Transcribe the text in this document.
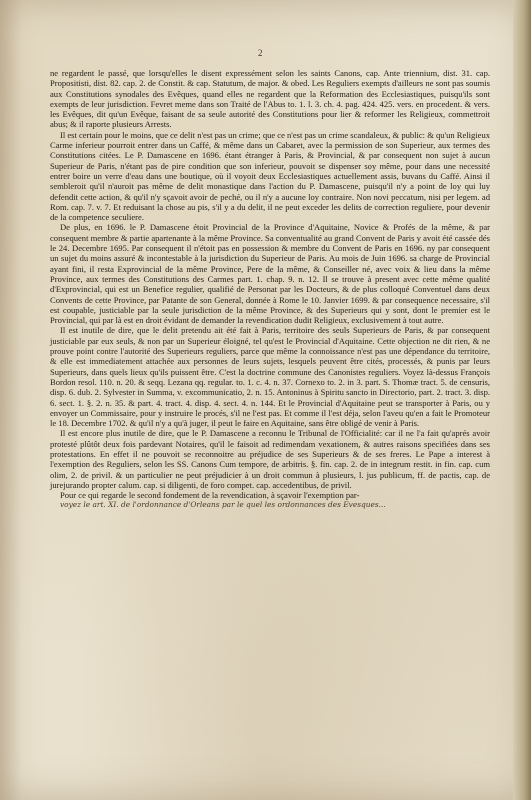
2

ne regardent le passé, que lorsqu'elles le disent expressément selon les saints Canons, cap. Ante triennium, dist. 31. cap. Propositisti, dist. 82. cap. 2. de Constit. & cap. Statutum, de major. & obed. Les Reguliers exempts d'ailleurs ne sont pas soumis aux Constitutions synodales des Evêques, quand elles ne regardent que la Reformation des Ecclesiastiques, puisqu'ils sont exempts de leur jurisdiction. Fevret meme dans son Traité de l'Abus to. 1. l. 3. ch. 4. pag. 424. 425. vers. en procedent. & vers. les Evêques, dit qu'un Evêque, faisant de sa seule autorité des Constitutions pour lier & reformer les Religieux, commettroit abus; & il raporte plusieurs Arrests.

Il est certain pour le moins, que ce delit n'est pas un crime; que ce n'est pas un crime scandaleux, & public: & qu'un Religieux Carme inferieur pourroit entrer dans un Caffé, & même dans un Cabaret, avec la permission de son Superieur, aux termes des Constitutions citées. Le P. Damascene en 1696. étant étranger à Paris, & Provincial, & par consequent non sujet à aucun Superieur de Paris, n'étant pas de pire condition que son inferieur, pouvoit se dispenser soy même, pour dans une necessité entrer boire un verre d'eau dans une boutique, où il voyoit deux Ecclesiastiques actuellement assis, buvans du Caffé. Ainsi il sembleroit qu'il n'auroit pas même de delit monastique dans l'action du P. Damascene, puisqu'il n'y a point de loy qui luy defendit cette action, & qu'il n'y sçavoit avoir de peché, ou il n'y a aucune loy contraire. Non novi peccatum, nisi per legem. ad Rom. cap. 7. v. 7. Et reduisant la chose au pis, s'il y a du delit, il ne peut exceder les delits de correction reguliere, pour devenir de la competence seculiere.

De plus, en 1696. le P. Damascene étoit Provincial de la Province d'Aquitaine, Novice & Profés de la même, & par consequent membre & partie apartenante à la même Province. Sa conventualité au grand Convent de Paris y avoit été cassée dés le 24. Decembre 1695. Par consequent il n'étoit pas en possession & membre du Convent de Paris en 1696. ny par consequent un sujet du moins assuré & incontestable à la jurisdiction du Superieur de Paris. Au mois de Juin 1696. sa charge de Provincial ayant fini, il resta Exprovincial de la même Province, Pere de la même, & Conseiller né, avec voix & lieu dans la même Province, aux termes des Constitutions des Carmes part. 1. chap. 9. n. 12. Il se trouve à present avec cette même qualité d'Exprovincial, qui est un Benefice regulier, qualifié de Personat par les Docteurs, & de plus colloqué Conventuel dans deux Convents de cette Province, par Patante de son General, donnée à Rome le 10. Janvier 1699. & par consequence necessaire, s'il est coupable, justiciable par la seule jurisdiction de la même Province, & des Superieurs qui y sont, dont le premier est le Provincial, qui par là est en droit évidant de demander la revendication dudit Religieux, exclusivement à tout autre.

Il est inutile de dire, que le delit pretendu ait été fait à Paris, territoire des seuls Superieurs de Paris, & par consequent justiciable par eux seuls, & non par un Superieur éloigné, tel qu'est le Provincial d'Aquitaine. Cette objection ne dit rien, & ne prouve point contre l'autorité des Superieurs reguliers, parce que même la connoissance n'est pas une dépendance du territoire, & elle est immediatement attachée aux personnes de leurs sujets, lesquels peuvent être cités, processés, & punis par leurs Superieurs, dans quels lieux qu'ils puissent être. C'est la doctrine commune des Canonistes reguliers. Voyez là-dessus François Bordon resol. 110. n. 20. & seqq. Lezana qq. regular. to. 1. c. 4. n. 37. Cornexo to. 2. in 3. part. S. Thomæ tract. 5. de censuris, disp. 6. dub. 2. Sylvester in Summa, v. excommunicatio, 2. n. 15. Antoninus à Spiritu sancto in Directorio, part. 2. tract. 3. disp. 6. sect. 1. §. 2. n. 35. & part. 4. tract. 4. disp. 4. sect. 4. n. 144. Et le Provincial d'Aquitaine peut se transporter à Paris, ou y envoyer un Commissaire, pour y instruire le procés, s'il ne l'est pas. Et comme il l'est déja, selon l'aveu qu'en a fait le Promoteur le 18. Decembre 1702. & qu'il n'y a qu'à juger, il peut le faire en Aquitaine, sans être obligé de venir à Paris.

Il est encore plus inutile de dire, que le P. Damascene a reconnu le Tribunal de l'Officialité: car il ne l'a fait qu'aprés avoir protesté plûtôt deux fois pardevant Notaires, qu'il le faisoit ad redimendam vexationem, & autres raisons specifiées dans ses protestations. En effet il ne pouvoit se reconnoitre au préjudice de ses Superieurs & de ses freres. Le Pape a interest à l'exemption des Reguliers, selon les SS. Canons Cum tempore, de arbitris. §. fin. cap. 2. de in integrum restit. in fin. cap. cum olim, 2. de privil. & un particulier ne peut préjudicier à un droit commun à plusieurs, l. jus publicum, ff. de pactis, cap. de jurejurando propter calum. cap. si diligenti, de foro compet. cap. accedentibus, de privil.

Pour ce qui regarde le second fondement de la revendication, à sçavoir l'exemption par-

voyez le art. XI. de l'ordonnance d'Orleans par le quel les ordonnances des Evesques...
